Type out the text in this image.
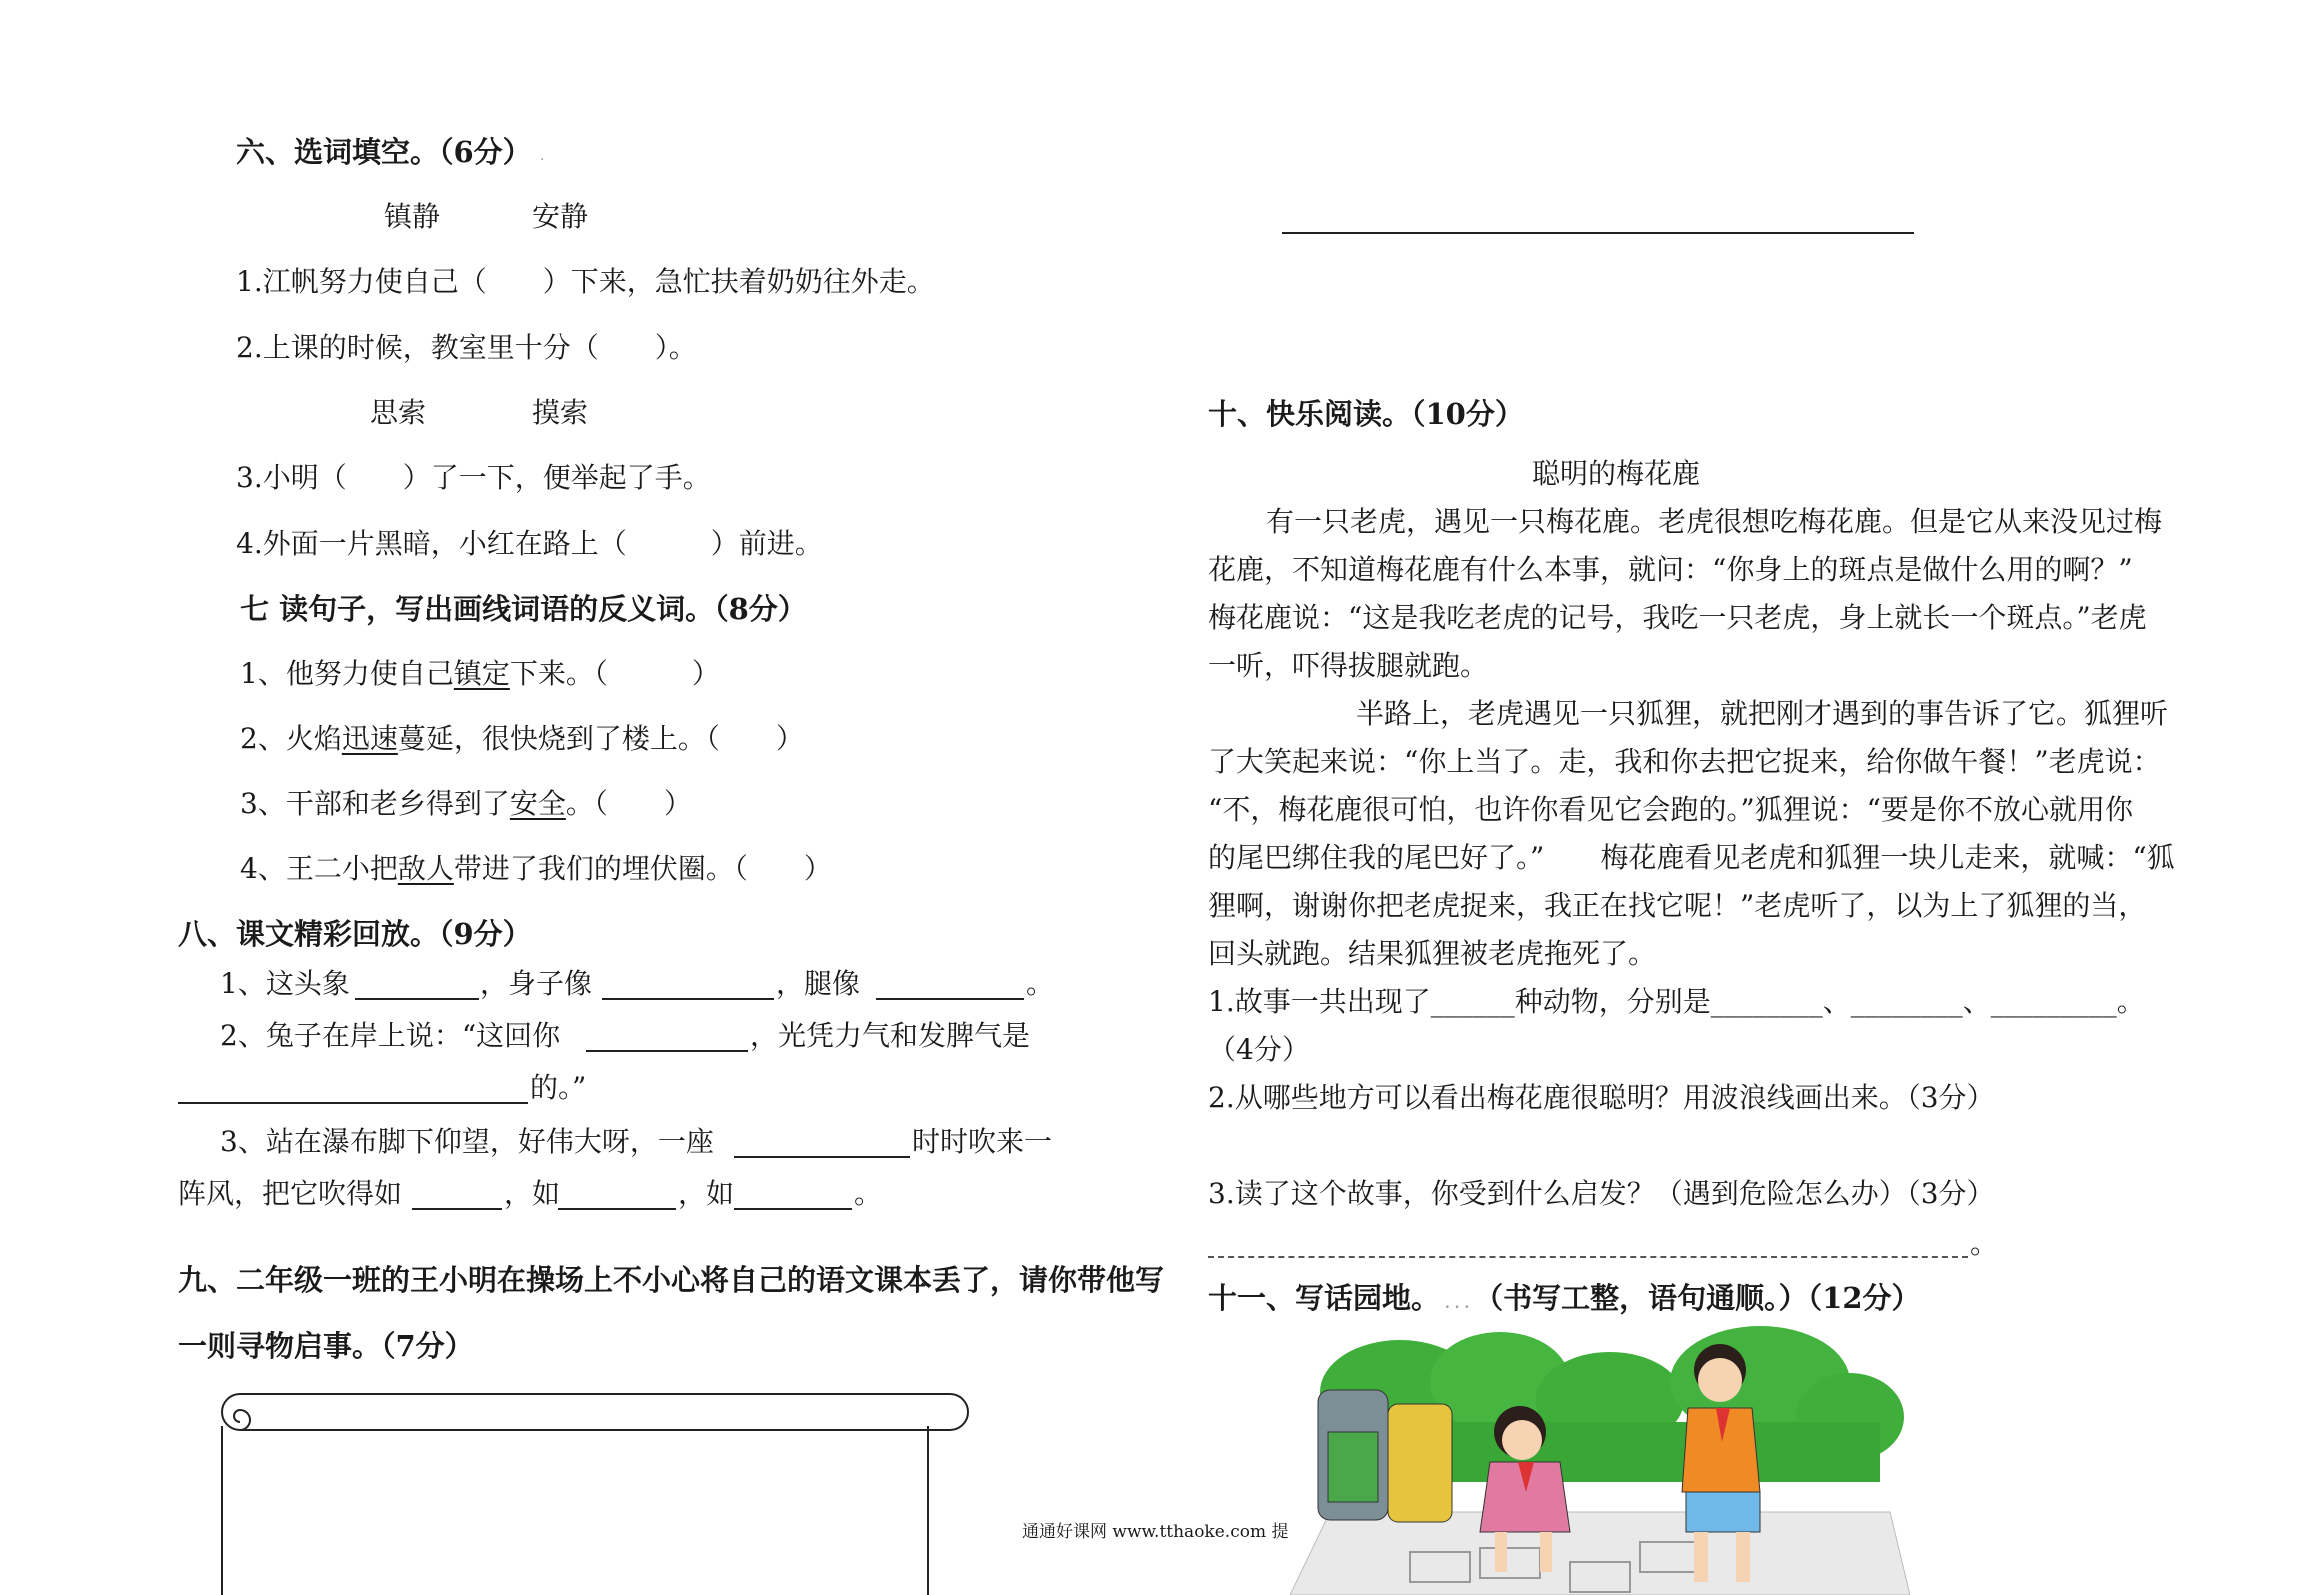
六、选词填空。（6分） .
镇静	安静
1.江帆努力使自己（　　）下来，急忙扶着奶奶往外走。
2.上课的时候，教室里十分（　　）。
思索	摸索
3.小明（　　）了一下，便举起了手。
4.外面一片黑暗，小红在路上（　　　）前进。
七 读句子，写出画线词语的反义词。（8分）
1、他努力使自己镇定下来。（　　　）
2、火焰迅速蔓延，很快烧到了楼上。（　　）
3、干部和老乡得到了安全。（　　）
4、王二小把敌人带进了我们的埋伏圈。（　　）
八、课文精彩回放。（9分）
1、这头象	，身子像	，腿像	。
2、兔子在岸上说：“这回你	，光凭力气和发脾气是
的。”
3、站在瀑布脚下仰望，好伟大呀，一座	时时吹来一
阵风，把它吹得如	，如	，如	。
九、二年级一班的王小明在操场上不小心将自己的语文课本丢了，请你带他写
一则寻物启事。（7分）
通通好课网 www.tthaoke.com 提
十、快乐阅读。（10分）
聪明的梅花鹿
有一只老虎，遇见一只梅花鹿。老虎很想吃梅花鹿。但是它从来没见过梅
花鹿，不知道梅花鹿有什么本事，就问：“你身上的斑点是做什么用的啊？”
梅花鹿说：“这是我吃老虎的记号，我吃一只老虎，身上就长一个斑点。”老虎
一听，吓得拔腿就跑。
半路上，老虎遇见一只狐狸，就把刚才遇到的事告诉了它。狐狸听
了大笑起来说：“你上当了。走，我和你去把它捉来，给你做午餐！”老虎说：
“不，梅花鹿很可怕，也许你看见它会跑的。”狐狸说：“要是你不放心就用你
的尾巴绑住我的尾巴好了。”　　梅花鹿看见老虎和狐狸一块儿走来，就喊：“狐
狸啊，谢谢你把老虎捉来，我正在找它呢！”老虎听了，以为上了狐狸的当，
回头就跑。结果狐狸被老虎拖死了。
1.故事一共出现了______种动物，分别是________、________、_________。
（4分）
2.从哪些地方可以看出梅花鹿很聪明？用波浪线画出来。（3分）
3.读了这个故事，你受到什么启发？（遇到危险怎么办）（3分）
。
十一、写话园地。 . . . （书写工整，语句通顺。）（12分）
